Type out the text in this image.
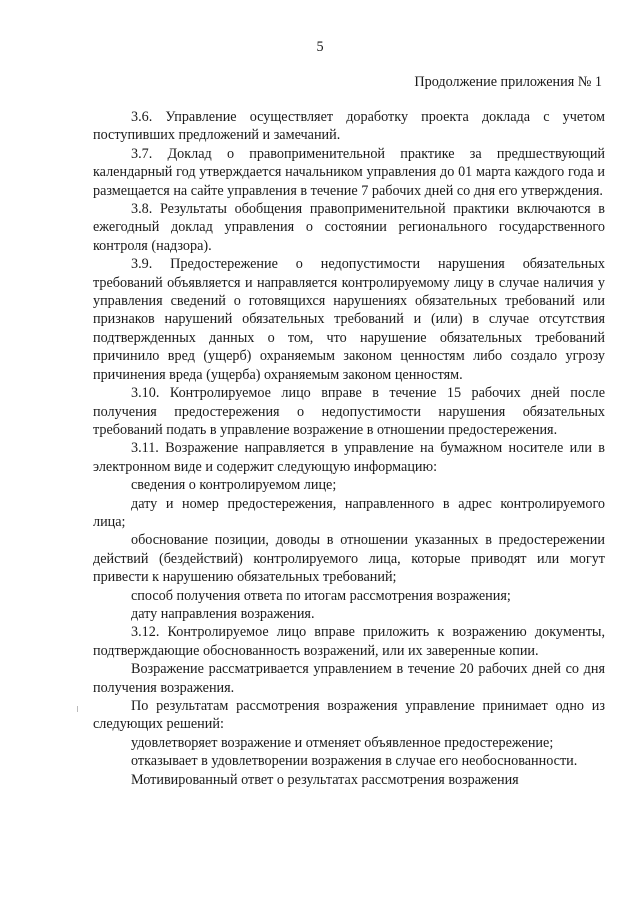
5
Продолжение приложения № 1

3.6. Управление осуществляет доработку проекта доклада с учетом поступивших предложений и замечаний.

3.7. Доклад о правоприменительной практике за предшествующий календарный год утверждается начальником управления до 01 марта каждого года и размещается на сайте управления в течение 7 рабочих дней со дня его утверждения.

3.8. Результаты обобщения правоприменительной практики включаются в ежегодный доклад управления о состоянии регионального государственного контроля (надзора).

3.9. Предостережение о недопустимости нарушения обязательных требований объявляется и направляется контролируемому лицу в случае наличия у управления сведений о готовящихся нарушениях обязательных требований или признаков нарушений обязательных требований и (или) в случае отсутствия подтвержденных данных о том, что нарушение обязательных требований причинило вред (ущерб) охраняемым законом ценностям либо создало угрозу причинения вреда (ущерба) охраняемым законом ценностям.

3.10. Контролируемое лицо вправе в течение 15 рабочих дней после получения предостережения о недопустимости нарушения обязательных требований подать в управление возражение в отношении предостережения.

3.11. Возражение направляется в управление на бумажном носителе или в электронном виде и содержит следующую информацию:

сведения о контролируемом лице;

дату и номер предостережения, направленного в адрес контролируемого лица;

обоснование позиции, доводы в отношении указанных в предостережении действий (бездействий) контролируемого лица, которые приводят или могут привести к нарушению обязательных требований;

способ получения ответа по итогам рассмотрения возражения;

дату направления возражения.

3.12. Контролируемое лицо вправе приложить к возражению документы, подтверждающие обоснованность возражений, или их заверенные копии.

Возражение рассматривается управлением в течение 20 рабочих дней со дня получения возражения.

По результатам рассмотрения возражения управление принимает одно из следующих решений:

удовлетворяет возражение и отменяет объявленное предостережение;

отказывает в удовлетворении возражения в случае его необоснованности.

Мотивированный ответ о результатах рассмотрения возражения
